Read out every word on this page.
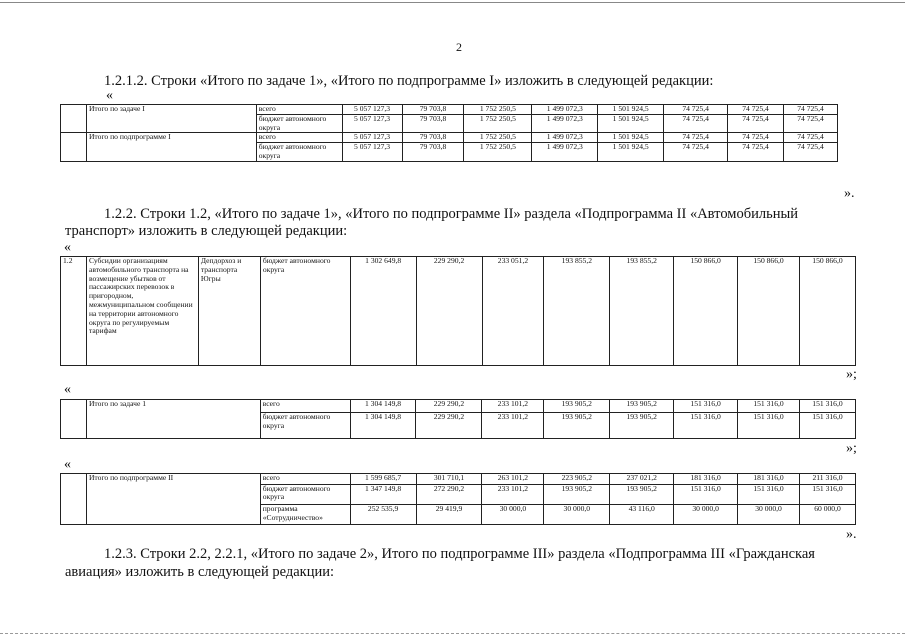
2
1.2.1.2. Строки «Итого по задаче 1», «Итого по подпрограмме I» изложить в следующей редакции:
«
	Итого по задаче I	всего	5 057 127,3	79 703,8	1 752 250,5	1 499 072,3	1 501 924,5	74 725,4	74 725,4	74 725,4
		бюджет автономного округа	5 057 127,3	79 703,8	1 752 250,5	1 499 072,3	1 501 924,5	74 725,4	74 725,4	74 725,4
	Итого по подпрограмме I	всего	5 057 127,3	79 703,8	1 752 250,5	1 499 072,3	1 501 924,5	74 725,4	74 725,4	74 725,4
		бюджет автономного округа	5 057 127,3	79 703,8	1 752 250,5	1 499 072,3	1 501 924,5	74 725,4	74 725,4	74 725,4
».
1.2.2. Строки 1.2, «Итого по задаче 1», «Итого по подпрограмме II» раздела «Подпрограмма II «Автомобильный
транспорт» изложить в следующей редакции:
«
1.2	Субсидии организациям автомобильного транспорта на возмещение убытков от пассажирских перевозок в пригородном, межмуниципальном сообщении на территории автономного округа по регулируемым тарифам	Депдорхоз и транспорта Югры	бюджет автономного округа	1 302 649,8	229 290,2	233 051,2	193 855,2	193 855,2	150 866,0	150 866,0	150 866,0
»;
«
	Итого по задаче 1	всего	1 304 149,8	229 290,2	233 101,2	193 905,2	193 905,2	151 316,0	151 316,0	151 316,0
		бюджет автономного округа	1 304 149,8	229 290,2	233 101,2	193 905,2	193 905,2	151 316,0	151 316,0	151 316,0
»;
«
	Итого по подпрограмме II	всего	1 599 685,7	301 710,1	263 101,2	223 905,2	237 021,2	181 316,0	181 316,0	211 316,0
		бюджет автономного округа	1 347 149,8	272 290,2	233 101,2	193 905,2	193 905,2	151 316,0	151 316,0	151 316,0
		программа «Сотрудничество»	252 535,9	29 419,9	30 000,0	30 000,0	43 116,0	30 000,0	30 000,0	60 000,0
».
1.2.3. Строки 2.2, 2.2.1, «Итого по задаче 2», Итого по подпрограмме III» раздела «Подпрограмма III «Гражданская
авиация» изложить в следующей редакции:
